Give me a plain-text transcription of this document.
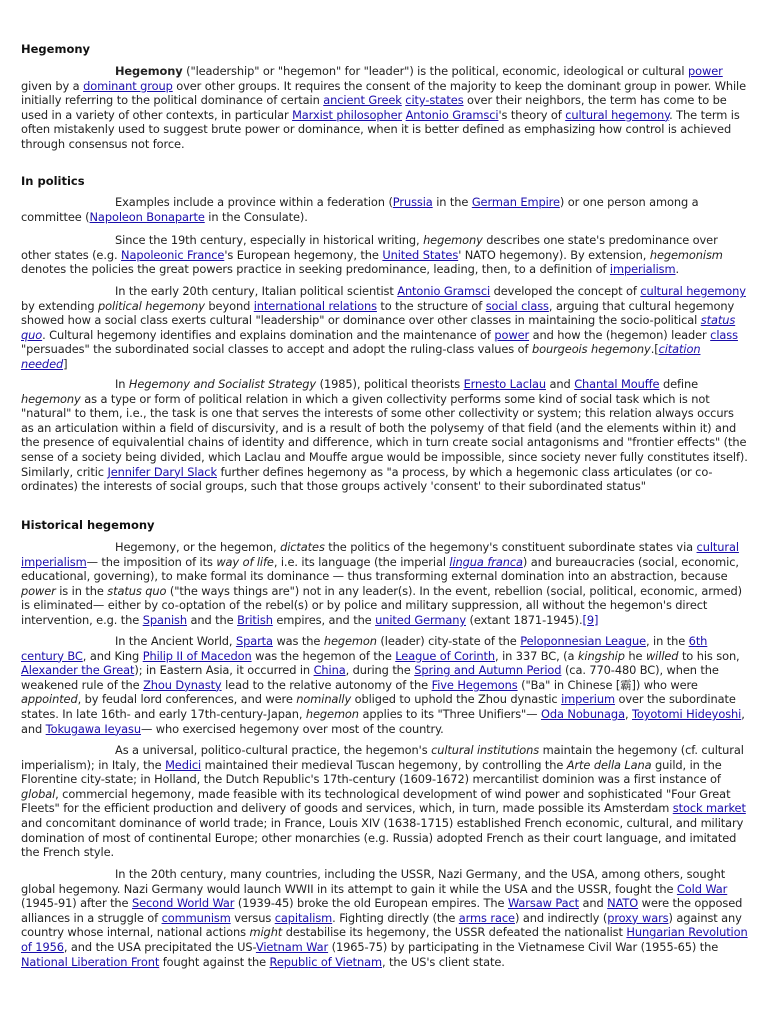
Hegemony

Hegemony ("leadership" or "hegemon" for "leader") is the political, economic, ideological or cultural power given by a dominant group over other groups. It requires the consent of the majority to keep the dominant group in power. While initially referring to the political dominance of certain ancient Greek city-states over their neighbors, the term has come to be used in a variety of other contexts, in particular Marxist philosopher Antonio Gramsci's theory of cultural hegemony. The term is often mistakenly used to suggest brute power or dominance, when it is better defined as emphasizing how control is achieved through consensus not force.

In politics

Examples include a province within a federation (Prussia in the German Empire) or one person among a committee (Napoleon Bonaparte in the Consulate).

Since the 19th century, especially in historical writing, hegemony describes one state's predominance over other states (e.g. Napoleonic France's European hegemony, the United States' NATO hegemony). By extension, hegemonism denotes the policies the great powers practice in seeking predominance, leading, then, to a definition of imperialism.

In the early 20th century, Italian political scientist Antonio Gramsci developed the concept of cultural hegemony by extending political hegemony beyond international relations to the structure of social class, arguing that cultural hegemony showed how a social class exerts cultural "leadership" or dominance over other classes in maintaining the socio-political status quo. Cultural hegemony identifies and explains domination and the maintenance of power and how the (hegemon) leader class "persuades" the subordinated social classes to accept and adopt the ruling-class values of bourgeois hegemony.[citation needed]

In Hegemony and Socialist Strategy (1985), political theorists Ernesto Laclau and Chantal Mouffe define hegemony as a type or form of political relation in which a given collectivity performs some kind of social task which is not "natural" to them, i.e., the task is one that serves the interests of some other collectivity or system; this relation always occurs as an articulation within a field of discursivity, and is a result of both the polysemy of that field (and the elements within it) and the presence of equivalential chains of identity and difference, which in turn create social antagonisms and "frontier effects" (the sense of a society being divided, which Laclau and Mouffe argue would be impossible, since society never fully constitutes itself). Similarly, critic Jennifer Daryl Slack further defines hegemony as "a process, by which a hegemonic class articulates (or co-ordinates) the interests of social groups, such that those groups actively 'consent' to their subordinated status"

Historical hegemony

Hegemony, or the hegemon, dictates the politics of the hegemony's constituent subordinate states via cultural imperialism— the imposition of its way of life, i.e. its language (the imperial lingua franca) and bureaucracies (social, economic, educational, governing), to make formal its dominance — thus transforming external domination into an abstraction, because power is in the status quo ("the ways things are") not in any leader(s). In the event, rebellion (social, political, economic, armed) is eliminated— either by co-optation of the rebel(s) or by police and military suppression, all without the hegemon's direct intervention, e.g. the Spanish and the British empires, and the united Germany (extant 1871-1945).[9]

In the Ancient World, Sparta was the hegemon (leader) city-state of the Peloponnesian League, in the 6th century BC, and King Philip II of Macedon was the hegemon of the League of Corinth, in 337 BC, (a kingship he willed to his son, Alexander the Great); in Eastern Asia, it occurred in China, during the Spring and Autumn Period (ca. 770-480 BC), when the weakened rule of the Zhou Dynasty lead to the relative autonomy of the Five Hegemons ("Ba" in Chinese [霸]) who were appointed, by feudal lord conferences, and were nominally obliged to uphold the Zhou dynastic imperium over the subordinate states. In late 16th- and early 17th-century-Japan, hegemon applies to its "Three Unifiers"— Oda Nobunaga, Toyotomi Hideyoshi, and Tokugawa Ieyasu— who exercised hegemony over most of the country.

As a universal, politico-cultural practice, the hegemon's cultural institutions maintain the hegemony (cf. cultural imperialism); in Italy, the Medici maintained their medieval Tuscan hegemony, by controlling the Arte della Lana guild, in the Florentine city-state; in Holland, the Dutch Republic's 17th-century (1609-1672) mercantilist dominion was a first instance of global, commercial hegemony, made feasible with its technological development of wind power and sophisticated "Four Great Fleets" for the efficient production and delivery of goods and services, which, in turn, made possible its Amsterdam stock market and concomitant dominance of world trade; in France, Louis XIV (1638-1715) established French economic, cultural, and military domination of most of continental Europe; other monarchies (e.g. Russia) adopted French as their court language, and imitated the French style.

In the 20th century, many countries, including the USSR, Nazi Germany, and the USA, among others, sought global hegemony. Nazi Germany would launch WWII in its attempt to gain it while the USA and the USSR, fought the Cold War (1945-91) after the Second World War (1939-45) broke the old European empires. The Warsaw Pact and NATO were the opposed alliances in a struggle of communism versus capitalism. Fighting directly (the arms race) and indirectly (proxy wars) against any country whose internal, national actions might destabilise its hegemony, the USSR defeated the nationalist Hungarian Revolution of 1956, and the USA precipitated the US-Vietnam War (1965-75) by participating in the Vietnamese Civil War (1955-65) the National Liberation Front fought against the Republic of Vietnam, the US's client state.
